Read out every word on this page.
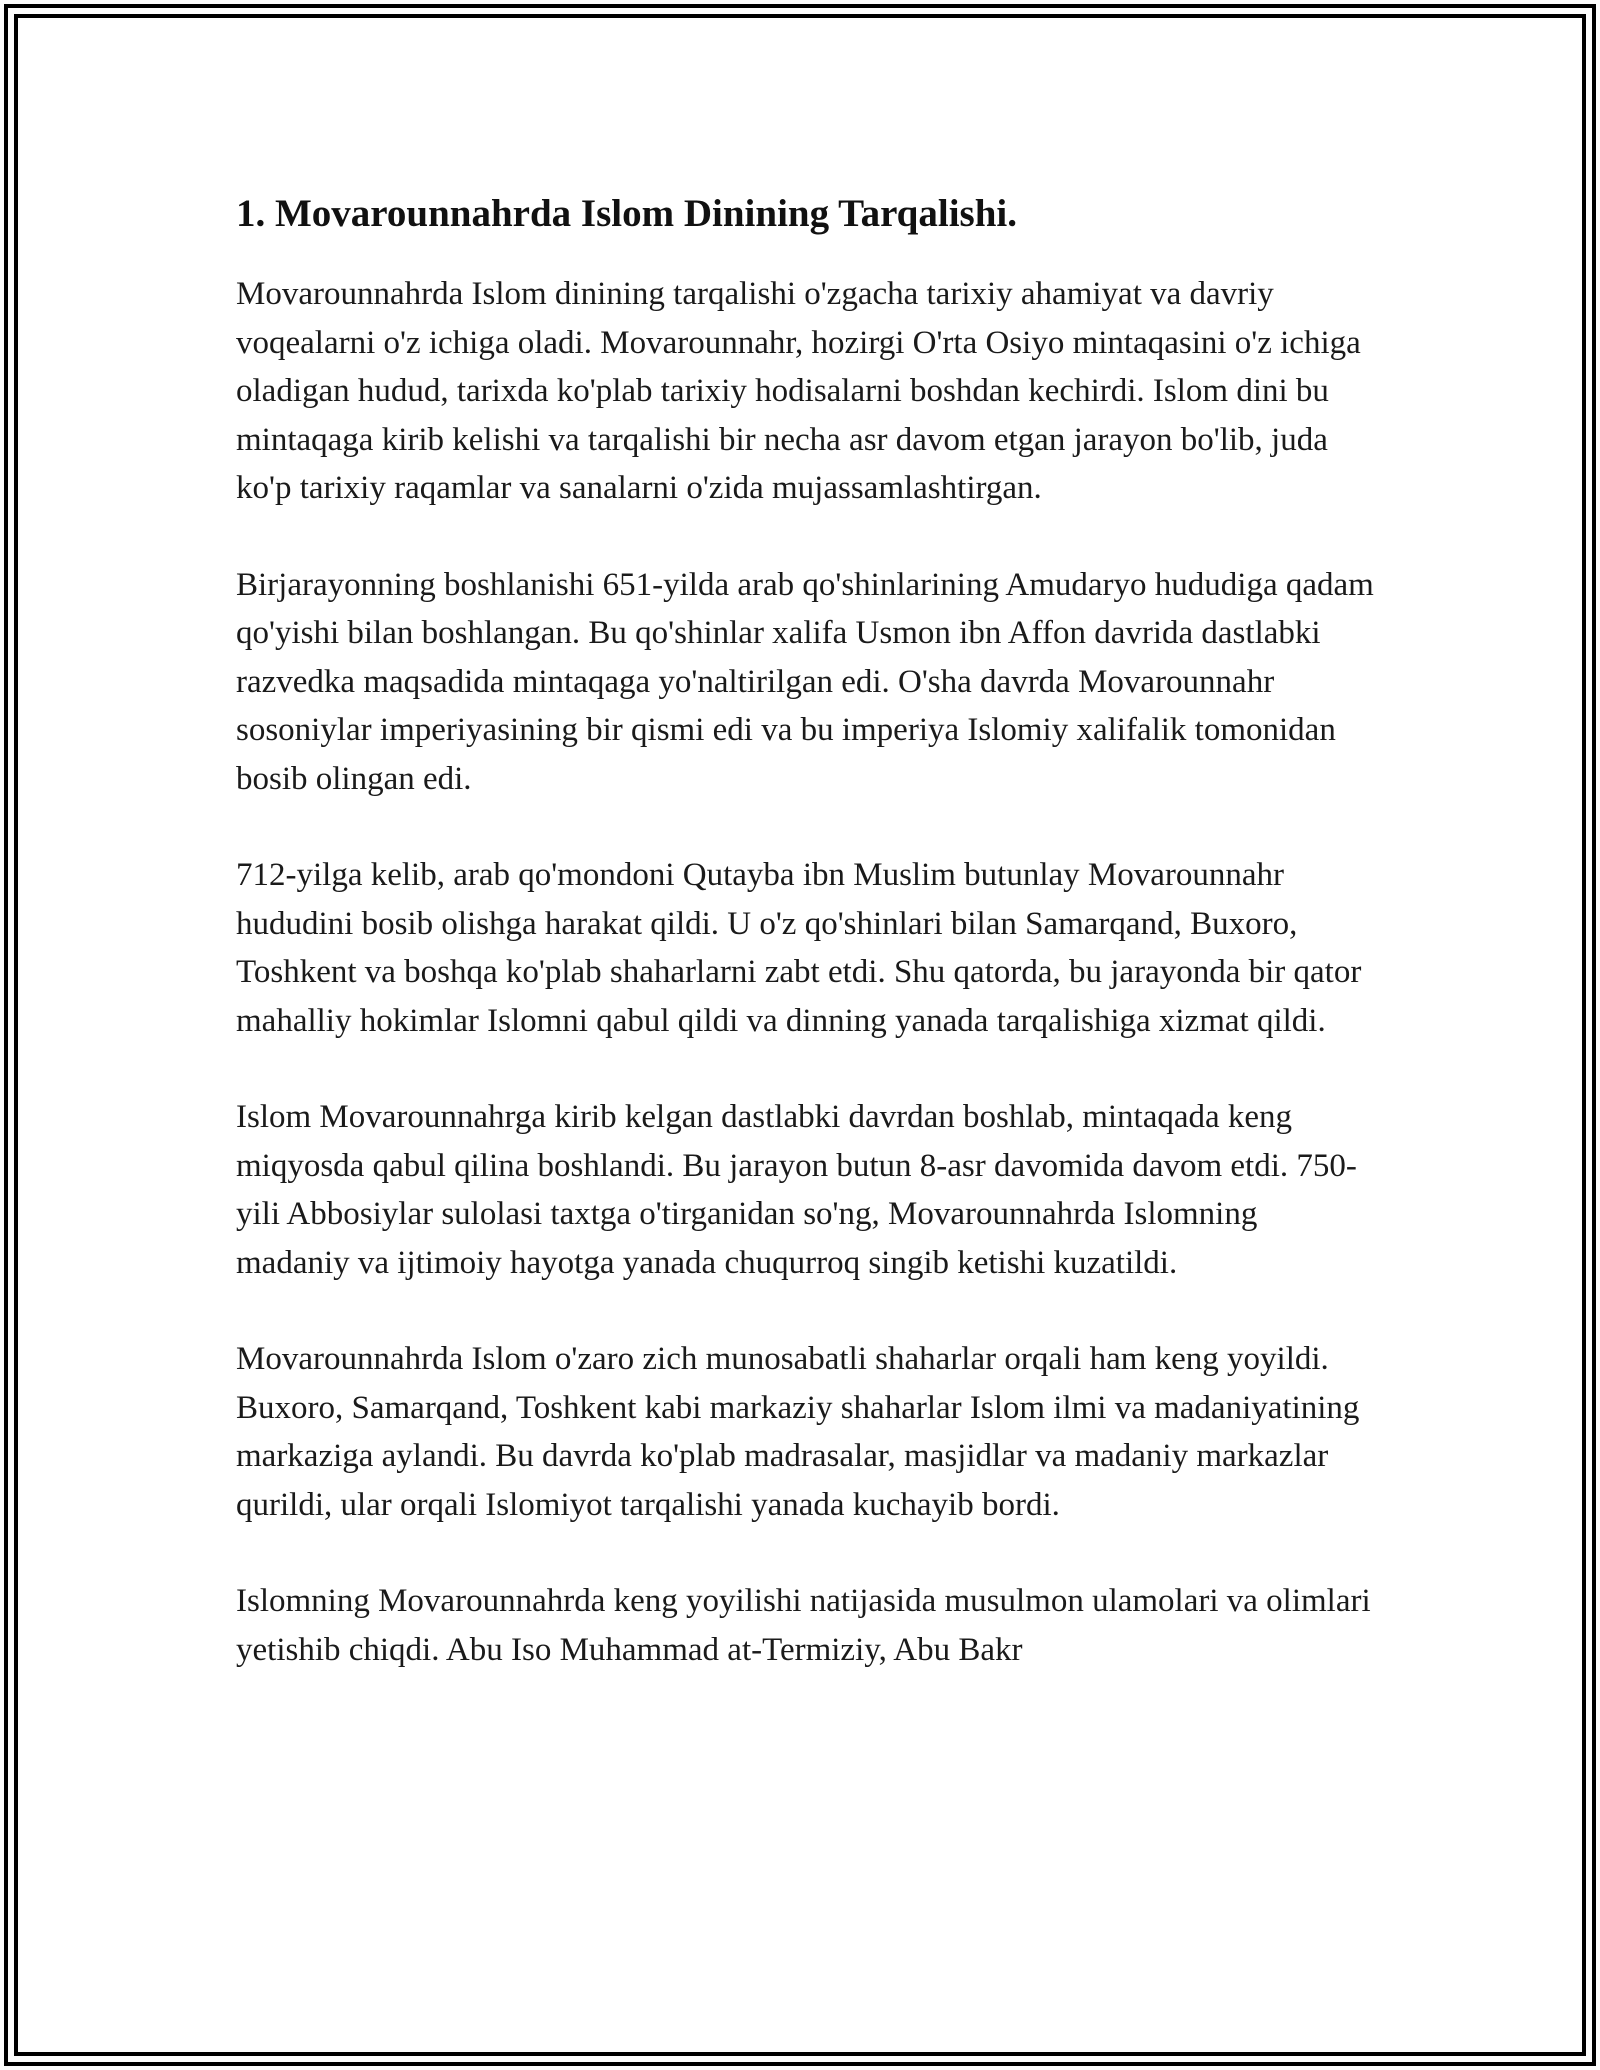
1. Movarounnahrda Islom Dinining Tarqalishi.

Movarounnahrda Islom dinining tarqalishi o'zgacha tarixiy ahamiyat va davriy voqealarni o'z ichiga oladi. Movarounnahr, hozirgi O'rta Osiyo mintaqasini o'z ichiga oladigan hudud, tarixda ko'plab tarixiy hodisalarni boshdan kechirdi. Islom dini bu mintaqaga kirib kelishi va tarqalishi bir necha asr davom etgan jarayon bo'lib, juda ko'p tarixiy raqamlar va sanalarni o'zida mujassamlashtirgan.

Birjarayonning boshlanishi 651-yilda arab qo'shinlarining Amudaryo hududiga qadam qo'yishi bilan boshlangan. Bu qo'shinlar xalifa Usmon ibn Affon davrida dastlabki razvedka maqsadida mintaqaga yo'naltirilgan edi. O'sha davrda Movarounnahr sosoniylar imperiyasining bir qismi edi va bu imperiya Islomiy xalifalik tomonidan bosib olingan edi.

712-yilga kelib, arab qo'mondoni Qutayba ibn Muslim butunlay Movarounnahr hududini bosib olishga harakat qildi. U o'z qo'shinlari bilan Samarqand, Buxoro, Toshkent va boshqa ko'plab shaharlarni zabt etdi. Shu qatorda, bu jarayonda bir qator mahalliy hokimlar Islomni qabul qildi va dinning yanada tarqalishiga xizmat qildi.

Islom Movarounnahrga kirib kelgan dastlabki davrdan boshlab, mintaqada keng miqyosda qabul qilina boshlandi. Bu jarayon butun 8-asr davomida davom etdi. 750-yili Abbosiylar sulolasi taxtga o'tirganidan so'ng, Movarounnahrda Islomning madaniy va ijtimoiy hayotga yanada chuqurroq singib ketishi kuzatildi.

Movarounnahrda Islom o'zaro zich munosabatli shaharlar orqali ham keng yoyildi. Buxoro, Samarqand, Toshkent kabi markaziy shaharlar Islom ilmi va madaniyatining markaziga aylandi. Bu davrda ko'plab madrasalar, masjidlar va madaniy markazlar qurildi, ular orqali Islomiyot tarqalishi yanada kuchayib bordi.

Islomning Movarounnahrda keng yoyilishi natijasida musulmon ulamolari va olimlari yetishib chiqdi. Abu Iso Muhammad at-Termiziy, Abu Bakr
